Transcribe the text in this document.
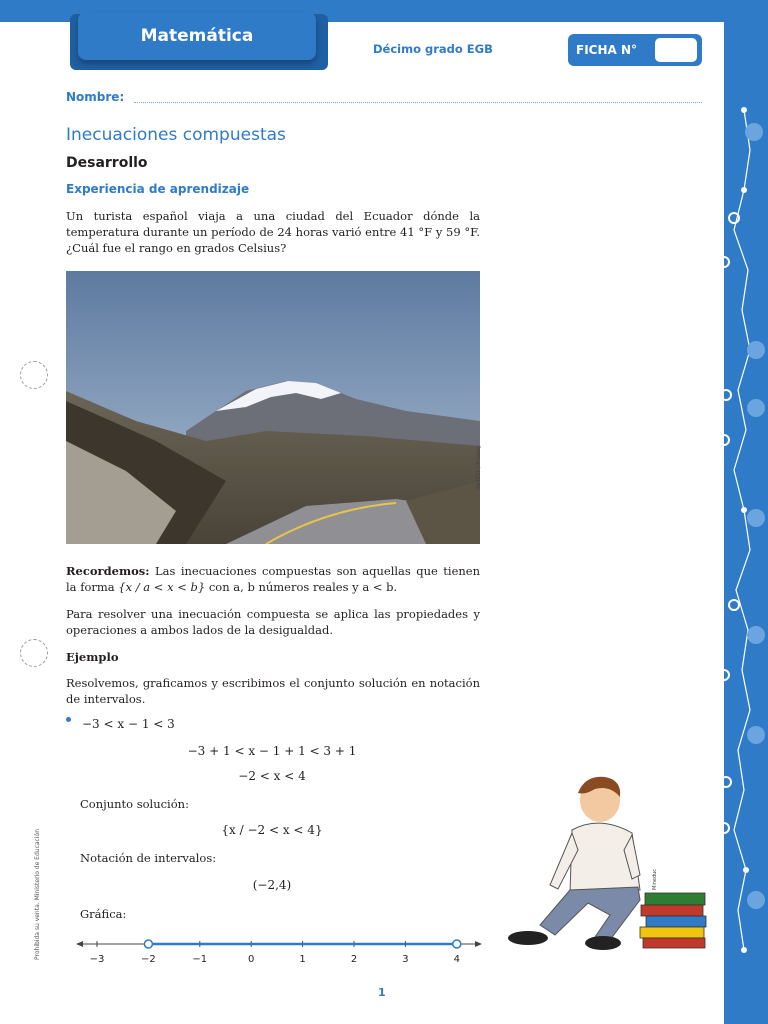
Matemática
Décimo grado EGB	FICHA N°
Nombre:
Inecuaciones compuestas
Desarrollo
Experiencia de aprendizaje
Un turista español viaja a una ciudad del Ecuador dónde la temperatura durante un período de 24 horas varió entre 41 °F y 59 °F. ¿Cuál fue el rango en grados Celsius?
Val3Z11 / Pixabay
Recordemos: Las inecuaciones compuestas son aquellas que tienen la forma {x / a < x < b} con a, b números reales y a < b.
Para resolver una inecuación compuesta se aplica las propiedades y operaciones a ambos lados de la desigualdad.
Ejemplo
Resolvemos, graficamos y escribimos el conjunto solución en notación de intervalos.
−3 < x − 1 < 3
−3 + 1 < x − 1 + 1 < 3 + 1
−2 < x < 4
Conjunto solución:
{x / −2 < x < 4}
Notación de intervalos:
(−2,4)
Gráfica:
−3	−2	−1	0	1	2	3	4
Prohibida su venta. Ministerio de Educación	Mineduc
1
